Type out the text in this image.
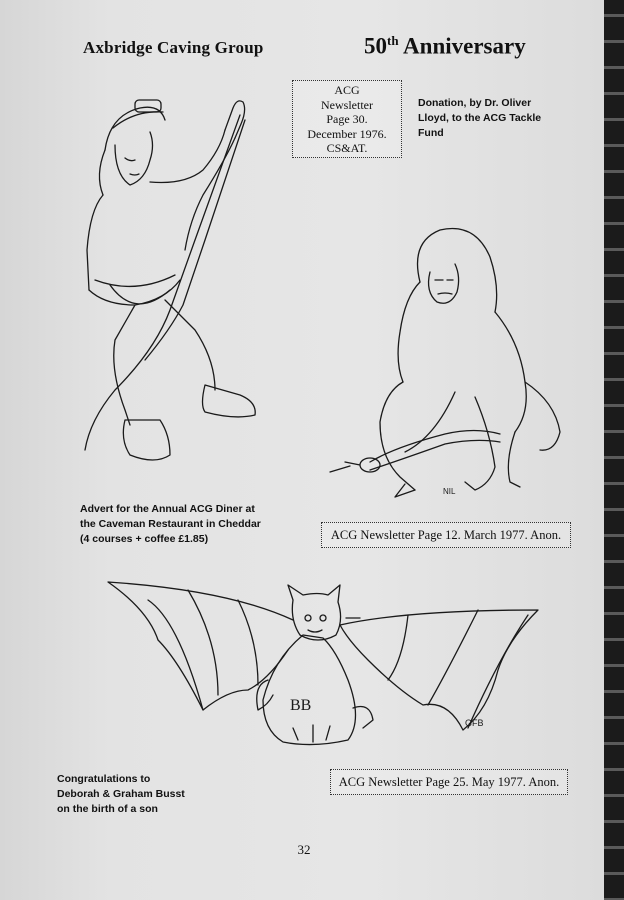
Axbridge Caving Group	50th Anniversary
ACG
Newsletter
Page 30.
December 1976.
CS&AT.
Donation, by Dr. Oliver
Lloyd, to the ACG Tackle
Fund
NIL
Advert for the Annual ACG Diner at
the Caveman Restaurant in Cheddar
(4 courses + coffee £1.85)	ACG Newsletter Page 12. March 1977. Anon.
BB
GFB
Congratulations to
Deborah & Graham Busst
on the birth of a son
ACG Newsletter Page 25. May 1977. Anon.
32
